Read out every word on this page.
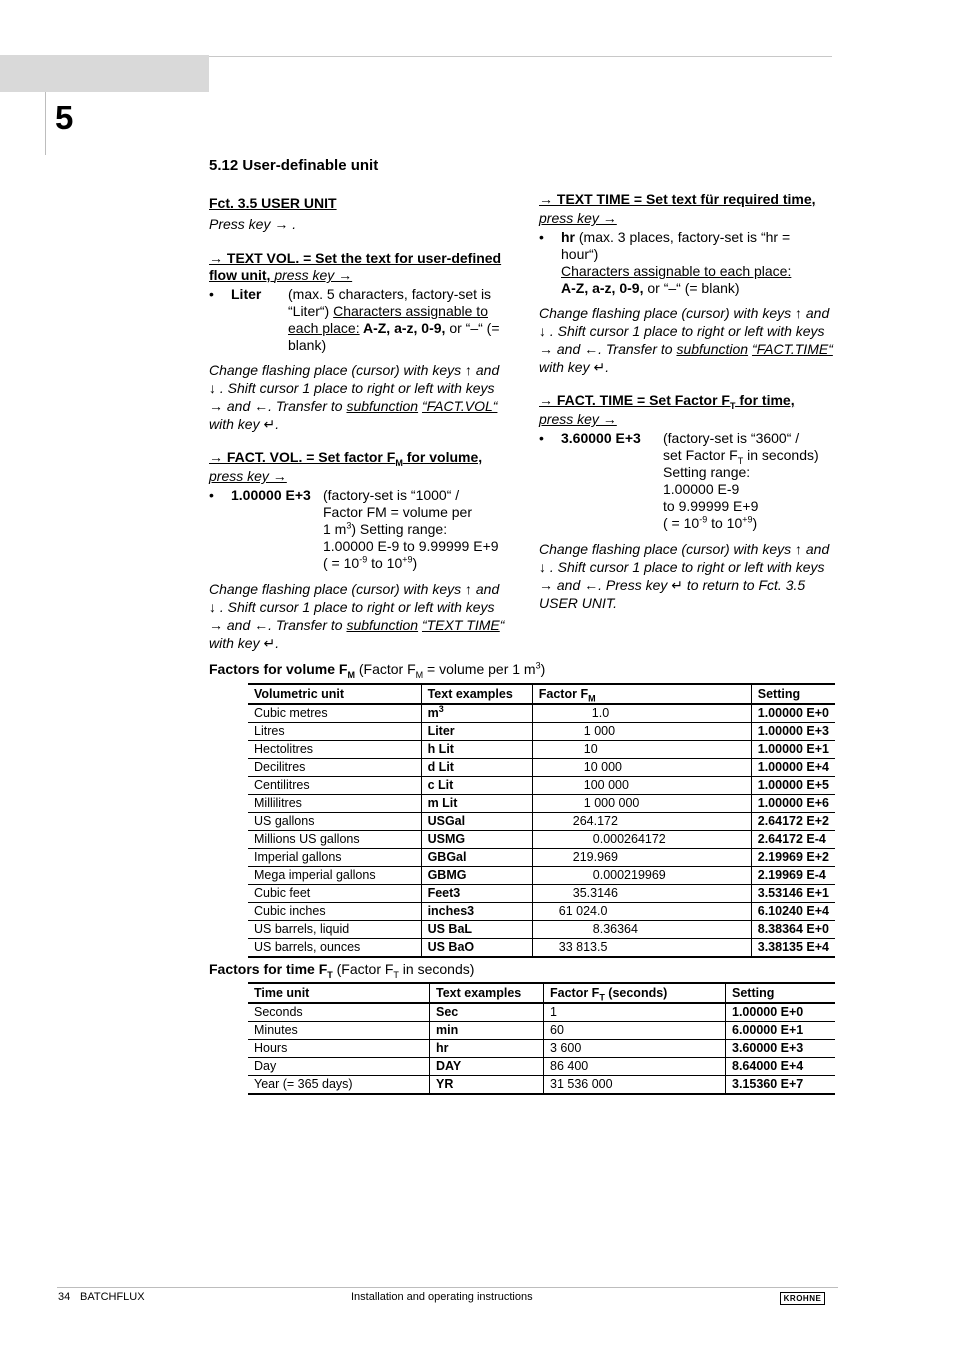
5
5.12 User-definable unit

Fct. 3.5 USER UNIT

Press key → .

→ TEXT VOL. = Set the text for user-defined flow unit, press key →

•	Liter	(max. 5 characters, factory-set is “Liter“) Characters assignable to each place: A-Z, a-z, 0-9, or “–“ (= blank)

Change flashing place (cursor) with keys ↑ and ↓ . Shift cursor 1 place to right or left with keys → and ←. Transfer to subfunction “FACT.VOL“ with key ↵.

→ FACT. VOL. = Set factor $F_M$ for volume,

press key →

•	1.00000 E+3 (factory-set is “1000“ /
Factor FM = volume per
1 $m^3$) Setting range:
1.00000 E-9 to 9.99999 E+9
( = $10^{-9}$ to $10^{+9}$)

Change flashing place (cursor) with keys ↑ and ↓ . Shift cursor 1 place to right or left with keys → and ←. Transfer to subfunction “TEXT TIME“ with key ↵.

→ TEXT TIME = Set text für required time,

press key →

•	hr (max. 3 places, factory-set is “hr = hour“)
Characters assignable to each place:
A-Z, a-z, 0-9, or “–“ (= blank)

Change flashing place (cursor) with keys ↑ and ↓ . Shift cursor 1 place to right or left with keys → and ←. Transfer to subfunction “FACT.TIME“ with key ↵.

→ FACT. TIME = Set Factor $F_T$ for time,

press key →

•	3.60000 E+3	(factory-set is “3600“ /
set Factor $F_T$ in seconds)
Setting range:
1.00000 E-9
to 9.99999 E+9
( = $10^{-9}$ to $10^{+9}$)

Change flashing place (cursor) with keys ↑ and ↓ . Shift cursor 1 place to right or left with keys → and ←. Press key ↵ to return to Fct. 3.5 USER UNIT.

Factors for volume $F_M$ (Factor $F_M$ = volume per 1 $m^3$)
Volumetric unit	Text examples	Factor $F_M$	Setting
Cubic metres	$m^3$	1.0	1.00000 E+0
Litres	Liter	1 000	1.00000 E+3
Hectolitres	h Lit	10	1.00000 E+1
Decilitres	d Lit	10 000	1.00000 E+4
Centilitres	c Lit	100 000	1.00000 E+5
Millilitres	m Lit	1 000 000	1.00000 E+6
US gallons	USGal	264.172	2.64172 E+2
Millions US gallons	USMG	0.000264172	2.64172 E-4
Imperial gallons	GBGal	219.969	2.19969 E+2
Mega imperial gallons	GBMG	0.000219969	2.19969 E-4
Cubic feet	Feet3	35.3146	3.53146 E+1
Cubic inches	inches3	61 024.0	6.10240 E+4
US barrels, liquid	US BaL	8.36364	8.38364 E+0
US barrels, ounces	US BaO	33 813.5	3.38135 E+4
Factors for time $F_T$ (Factor $F_T$ in seconds)
Time unit	Text examples	Factor $F_T$ (seconds)	Setting
Seconds	Sec	1	1.00000 E+0
Minutes	min	60	6.00000 E+1
Hours	hr	3 600	3.60000 E+3
Day	DAY	86 400	8.64000 E+4
Year (= 365 days)	YR	31 536 000	3.15360 E+7
34 BATCHFLUX	Installation and operating instructions	KROHNE
